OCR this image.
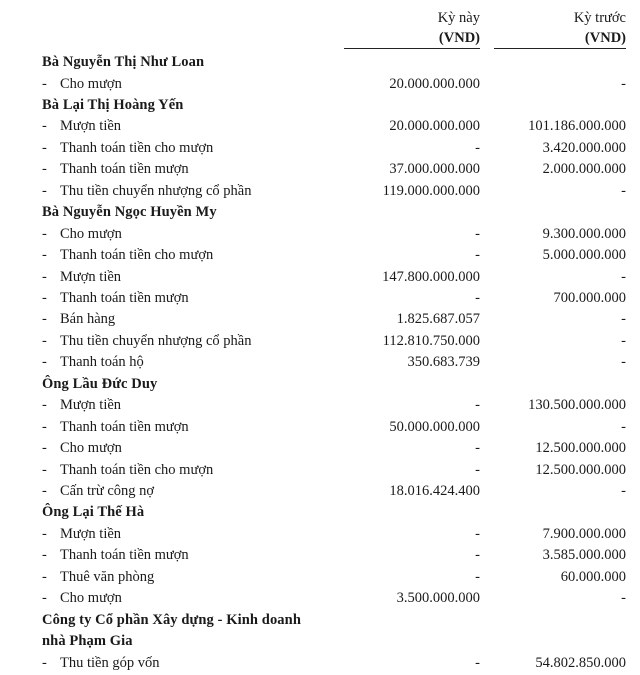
Kỳ này
(VND)
Kỳ trước
(VND)
Bà Nguyễn Thị Như Loan
- Cho mượn	20.000.000.000	-
Bà Lại Thị Hoàng Yến
- Mượn tiền	20.000.000.000	101.186.000.000
- Thanh toán tiền cho mượn	-	3.420.000.000
- Thanh toán tiền mượn	37.000.000.000	2.000.000.000
- Thu tiền chuyển nhượng cổ phần	119.000.000.000	-
Bà Nguyễn Ngọc Huyền My
- Cho mượn	-	9.300.000.000
- Thanh toán tiền cho mượn	-	5.000.000.000
- Mượn tiền	147.800.000.000	-
- Thanh toán tiền mượn	-	700.000.000
- Bán hàng	1.825.687.057	-
- Thu tiền chuyển nhượng cổ phần	112.810.750.000	-
- Thanh toán hộ	350.683.739	-
Ông Lầu Đức Duy
- Mượn tiền	-	130.500.000.000
- Thanh toán tiền mượn	50.000.000.000	-
- Cho mượn	-	12.500.000.000
- Thanh toán tiền cho mượn	-	12.500.000.000
- Cấn trừ công nợ	18.016.424.400	-
Ông Lại Thế Hà
- Mượn tiền	-	7.900.000.000
- Thanh toán tiền mượn	-	3.585.000.000
- Thuê văn phòng	-	60.000.000
- Cho mượn	3.500.000.000	-
Công ty Cổ phần Xây dựng - Kinh doanh
nhà Phạm Gia
- Thu tiền góp vốn	-	54.802.850.000
